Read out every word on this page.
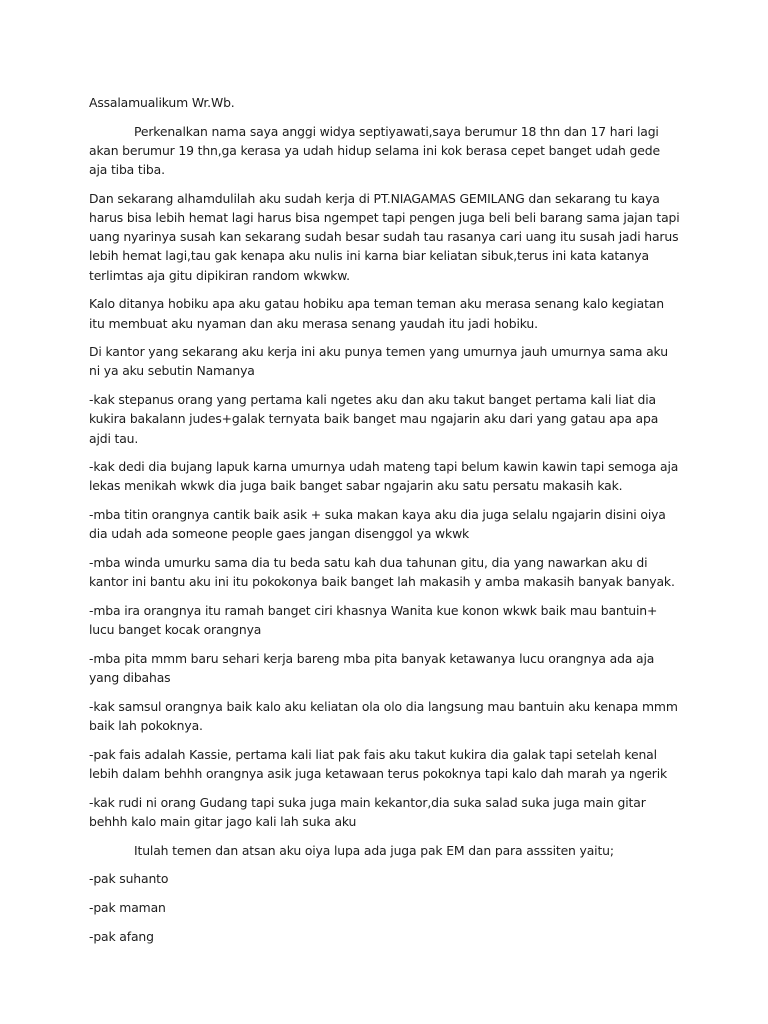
Assalamualikum Wr.Wb.

Perkenalkan nama saya anggi widya septiyawati,saya berumur 18 thn dan 17 hari lagi akan berumur 19 thn,ga kerasa ya udah hidup selama ini kok berasa cepet banget udah gede aja tiba tiba.

Dan sekarang alhamdulilah aku sudah kerja di PT.NIAGAMAS GEMILANG dan sekarang tu kaya harus bisa lebih hemat lagi harus bisa ngempet tapi pengen juga beli beli barang sama jajan tapi uang nyarinya susah kan sekarang sudah besar sudah tau rasanya cari uang itu susah jadi harus lebih hemat lagi,tau gak kenapa aku nulis ini karna biar keliatan sibuk,terus ini kata katanya terlimtas aja gitu dipikiran random wkwkw.

Kalo ditanya hobiku apa aku gatau hobiku apa teman teman aku merasa senang kalo kegiatan itu membuat aku nyaman dan aku merasa senang yaudah itu jadi hobiku.

Di kantor yang sekarang aku kerja ini aku punya temen yang umurnya jauh umurnya sama aku ni ya aku sebutin Namanya

-kak stepanus orang yang pertama kali ngetes aku dan aku takut banget pertama kali liat dia kukira bakalann judes+galak ternyata baik banget mau ngajarin aku dari yang gatau apa apa ajdi tau.

-kak dedi dia bujang lapuk karna umurnya udah mateng tapi belum kawin kawin tapi semoga aja lekas menikah wkwk dia juga baik banget sabar ngajarin aku satu persatu makasih kak.

-mba titin orangnya cantik baik asik + suka makan kaya aku dia juga selalu ngajarin disini oiya dia udah ada someone people gaes jangan disenggol ya wkwk

-mba winda umurku sama dia tu beda satu kah dua tahunan gitu, dia yang nawarkan aku di kantor ini bantu aku ini itu pokokonya baik banget lah makasih y amba makasih banyak banyak.

-mba ira orangnya itu ramah banget ciri khasnya Wanita kue konon wkwk baik mau bantuin+ lucu banget kocak orangnya

-mba pita mmm baru sehari kerja bareng mba pita banyak ketawanya lucu orangnya ada aja yang dibahas

-kak samsul orangnya baik kalo aku keliatan ola olo dia langsung mau bantuin aku kenapa mmm baik lah pokoknya.

-pak fais adalah Kassie, pertama kali liat pak fais aku takut kukira dia galak tapi setelah kenal lebih dalam behhh orangnya asik juga ketawaan terus pokoknya tapi kalo dah marah ya ngerik

-kak rudi ni orang Gudang tapi suka juga main kekantor,dia suka salad suka juga main gitar behhh kalo main gitar jago kali lah suka aku

Itulah temen dan atsan aku oiya lupa ada juga pak EM dan para asssiten yaitu;

-pak suhanto

-pak maman

-pak afang
